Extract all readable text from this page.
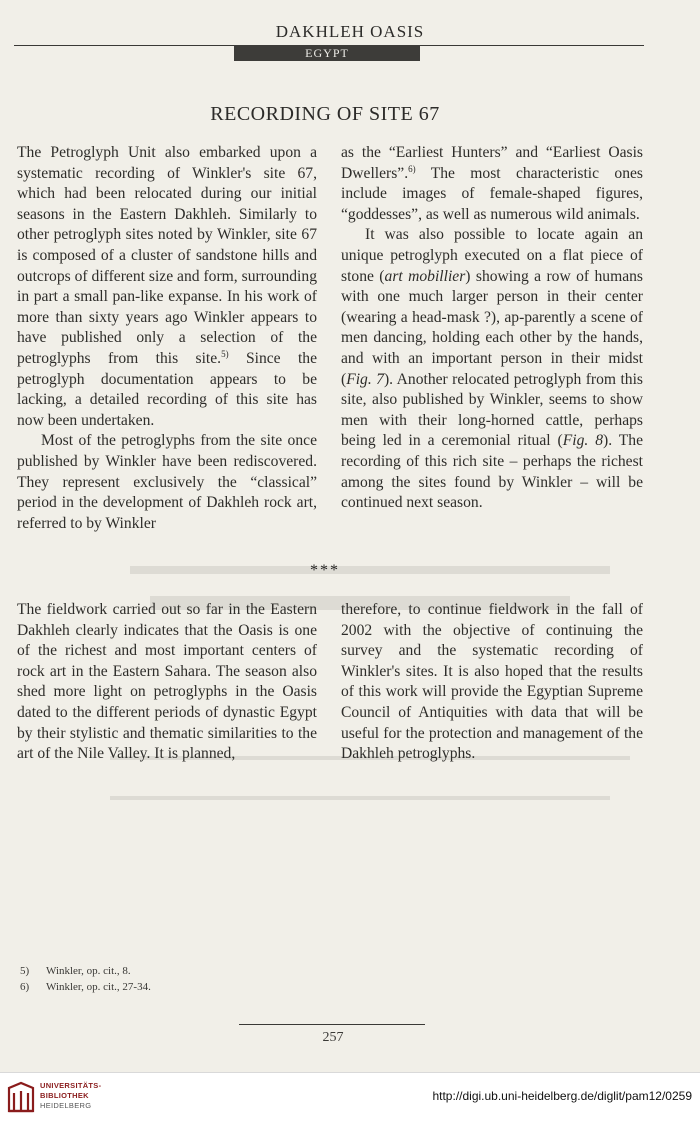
DAKHLEH OASIS
EGYPT
RECORDING OF SITE 67

The Petroglyph Unit also embarked upon a systematic recording of Winkler's site 67, which had been relocated during our initial seasons in the Eastern Dakhleh. Similarly to other petroglyph sites noted by Winkler, site 67 is composed of a cluster of sandstone hills and outcrops of different size and form, surrounding in part a small pan-like expanse. In his work of more than sixty years ago Winkler appears to have published only a selection of the petroglyphs from this site.$^{5)}$ Since the petroglyph documentation appears to be lacking, a detailed recording of this site has now been undertaken.

Most of the petroglyphs from the site once published by Winkler have been rediscovered. They represent exclusively the “classical” period in the development of Dakhleh rock art, referred to by Winkler

as the “Earliest Hunters” and “Earliest Oasis Dwellers”.$^{6)}$ The most characteristic ones include images of female-shaped figures, “goddesses”, as well as numerous wild animals.

It was also possible to locate again an unique petroglyph executed on a flat piece of stone (art mobillier) showing a row of humans with one much larger person in their center (wearing a head-mask ?), ap-parently a scene of men dancing, holding each other by the hands, and with an important person in their midst (Fig. 7). Another relocated petroglyph from this site, also published by Winkler, seems to show men with their long-horned cattle, perhaps being led in a ceremonial ritual (Fig. 8). The recording of this rich site – perhaps the richest among the sites found by Winkler – will be continued next season.

***

The fieldwork carried out so far in the Eastern Dakhleh clearly indicates that the Oasis is one of the richest and most important centers of rock art in the Eastern Sahara. The season also shed more light on petroglyphs in the Oasis dated to the different periods of dynastic Egypt by their stylistic and thematic similarities to the art of the Nile Valley. It is planned,

therefore, to continue fieldwork in the fall of 2002 with the objective of continuing the survey and the systematic recording of Winkler's sites. It is also hoped that the results of this work will provide the Egyptian Supreme Council of Antiquities with data that will be useful for the protection and management of the Dakhleh petroglyphs.

5) Winkler, op. cit., 8.
6) Winkler, op. cit., 27-34.
257
UNIVERSITÄTS-
BIBLIOTHEK
HEIDELBERG
http://digi.ub.uni-heidelberg.de/diglit/pam12/0259
